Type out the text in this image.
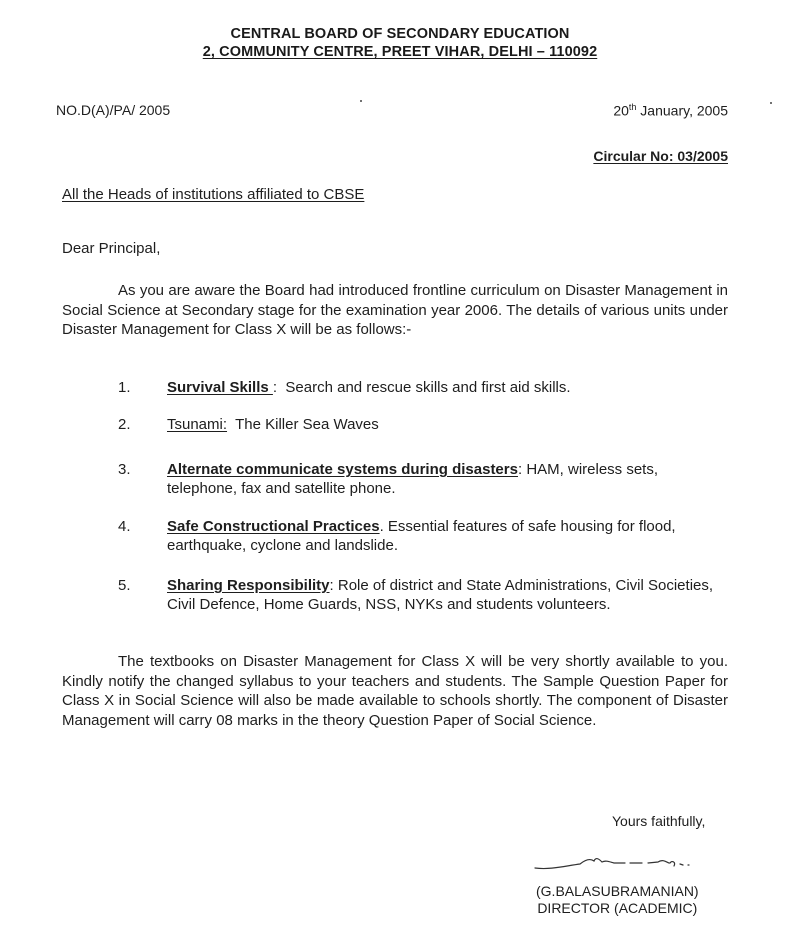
CENTRAL BOARD OF SECONDARY EDUCATION
2, COMMUNITY CENTRE, PREET VIHAR, DELHI – 110092
NO.D(A)/PA/ 2005	20th January, 2005
Circular No: 03/2005
All the Heads of institutions affiliated to CBSE
Dear Principal,
As you are aware the Board had introduced frontline curriculum on Disaster Management in Social Science at Secondary stage for the examination year 2006. The details of various units under Disaster Management for Class X will be as follows:-
1. Survival Skills :  Search and rescue skills and first aid skills.
2. Tsunami: The Killer Sea Waves
3. Alternate communicate systems during disasters: HAM, wireless sets, telephone, fax and satellite phone.
4. Safe Constructional Practices. Essential features of safe housing for flood, earthquake, cyclone and landslide.
5. Sharing Responsibility: Role of district and State Administrations, Civil Societies, Civil Defence, Home Guards, NSS, NYKs and students volunteers.
The textbooks on Disaster Management for Class X will be very shortly available to you. Kindly notify the changed syllabus to your teachers and students. The Sample Question Paper for Class X in Social Science will also be made available to schools shortly. The component of Disaster Management will carry 08 marks in the theory Question Paper of Social Science.
Yours faithfully,
(G.BALASUBRAMANIAN)
DIRECTOR (ACADEMIC)
